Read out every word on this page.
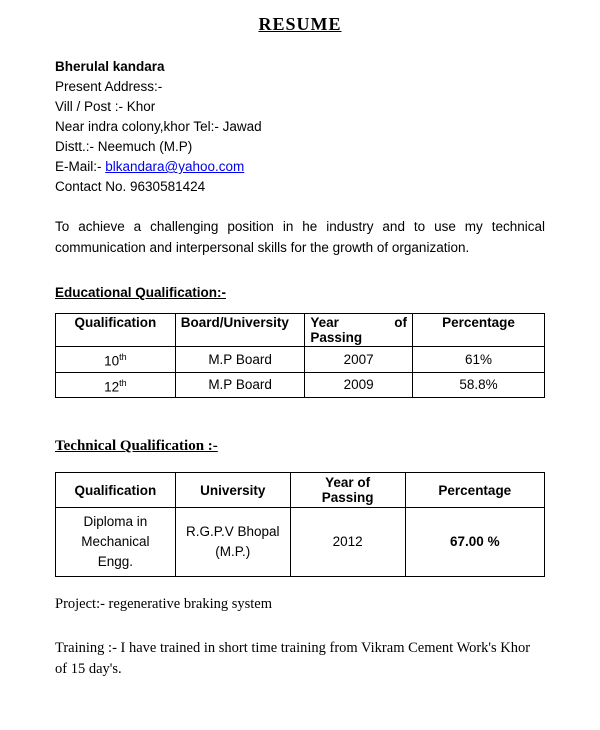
RESUME
Bherulal kandara
Present Address:-
Vill / Post :- Khor
Near indra colony,khor Tel:- Jawad
Distt.:- Neemuch (M.P)
E-Mail:- blkandara@yahoo.com
Contact No. 9630581424
To achieve a challenging position in he industry and to use my technical communication and interpersonal skills for the growth of organization.
Educational Qualification:-
Qualification	Board/University	Year of Passing	Percentage
10th	M.P Board	2007	61%
12th	M.P Board	2009	58.8%
Technical Qualification :-
Qualification	University	Year of Passing	Percentage
Diploma in Mechanical Engg.	R.G.P.V Bhopal (M.P.)	2012	67.00 %
Project:- regenerative braking system
Training :- I have trained in short time training from Vikram Cement Work's Khor of 15 day's.
